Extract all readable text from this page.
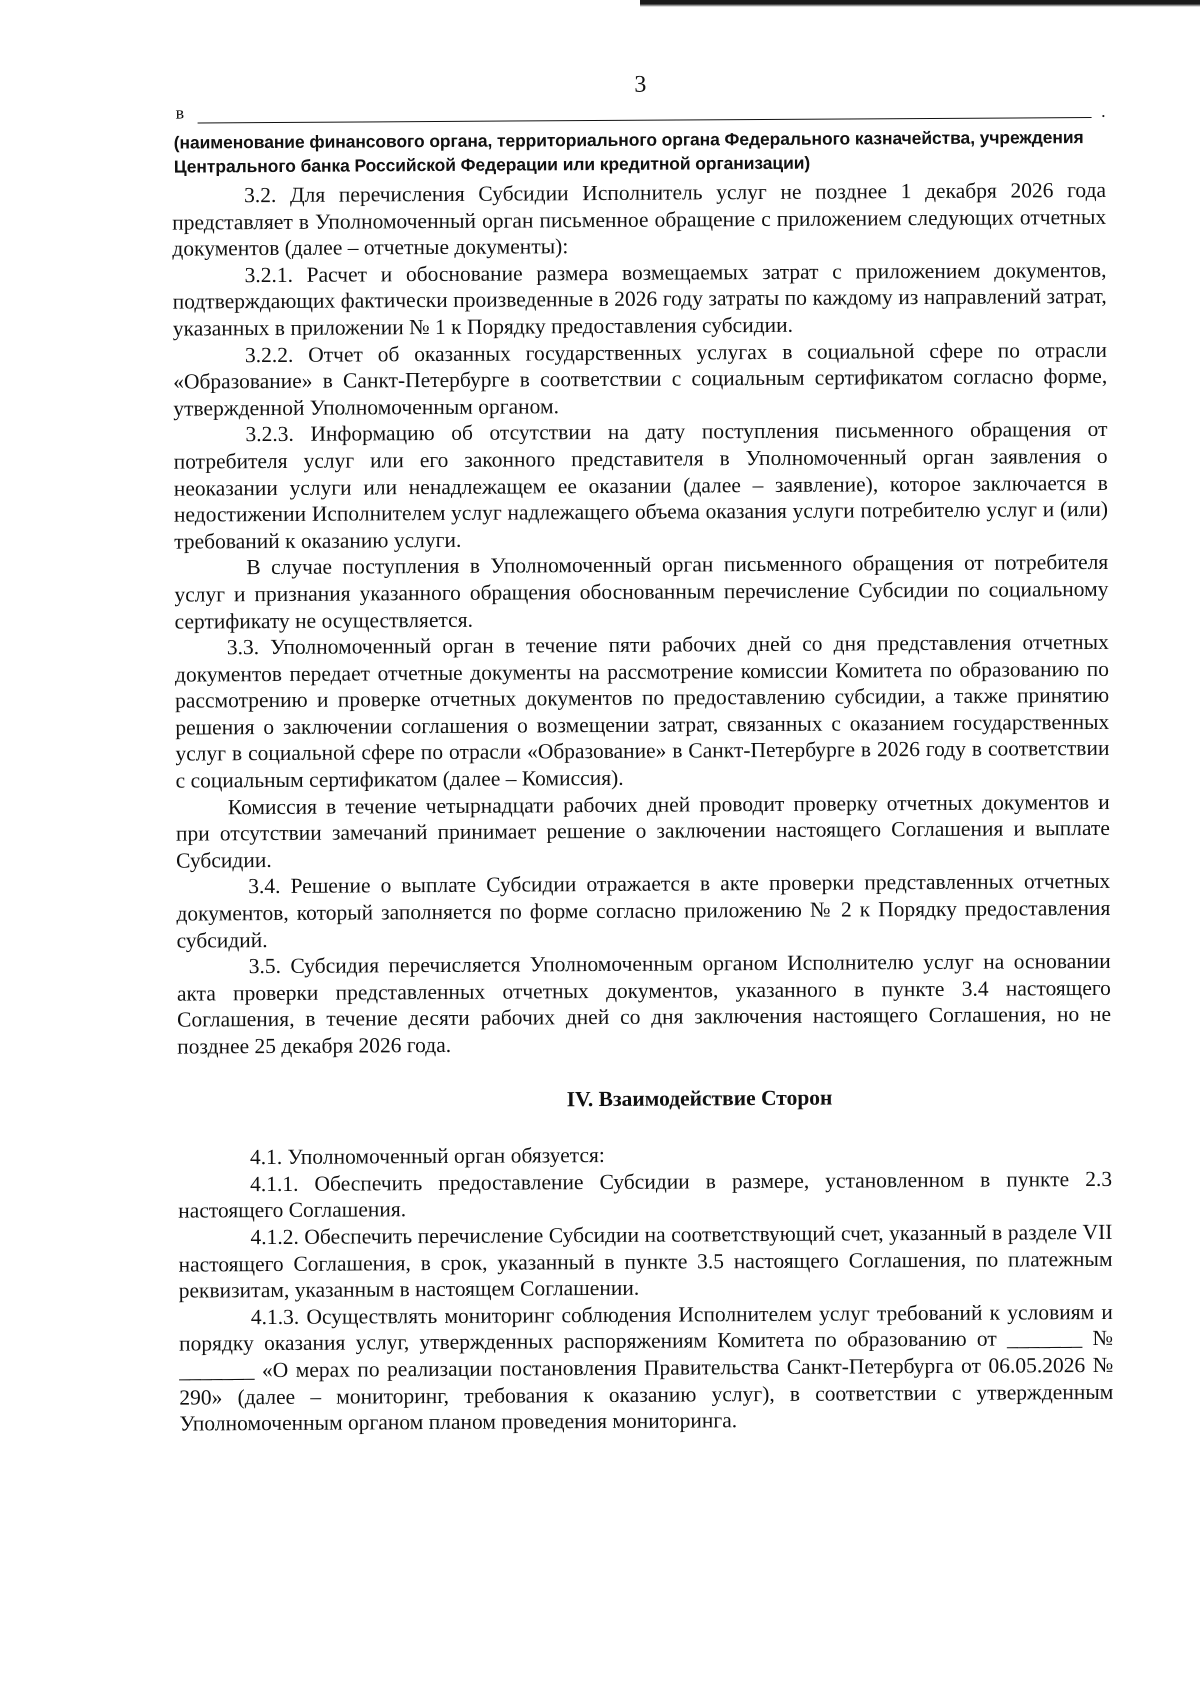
3
в	.
(наименование финансового органа, территориального органа Федерального казначейства, учреждения Центрального банка Российской Федерации или кредитной организации)

3.2. Для перечисления Субсидии Исполнитель услуг не позднее 1 декабря 2026 года представляет в Уполномоченный орган письменное обращение с приложением следующих отчетных документов (далее – отчетные документы):

3.2.1. Расчет и обоснование размера возмещаемых затрат с приложением документов, подтверждающих фактически произведенные в 2026 году затраты по каждому из направлений затрат, указанных в приложении № 1 к Порядку предоставления субсидии.

3.2.2. Отчет об оказанных государственных услугах в социальной сфере по отрасли «Образование» в Санкт-Петербурге в соответствии с социальным сертификатом согласно форме, утвержденной Уполномоченным органом.

3.2.3. Информацию об отсутствии на дату поступления письменного обращения от потребителя услуг или его законного представителя в Уполномоченный орган заявления о неоказании услуги или ненадлежащем ее оказании (далее – заявление), которое заключается в недостижении Исполнителем услуг надлежащего объема оказания услуги потребителю услуг и (или) требований к оказанию услуги.

В случае поступления в Уполномоченный орган письменного обращения от потребителя услуг и признания указанного обращения обоснованным перечисление Субсидии по социальному сертификату не осуществляется.

3.3. Уполномоченный орган в течение пяти рабочих дней со дня представления отчетных документов передает отчетные документы на рассмотрение комиссии Комитета по образованию по рассмотрению и проверке отчетных документов по предоставлению субсидии, а также принятию решения о заключении соглашения о возмещении затрат, связанных с оказанием государственных услуг в социальной сфере по отрасли «Образование» в Санкт-Петербурге в 2026 году в соответствии с социальным сертификатом (далее – Комиссия).

Комиссия в течение четырнадцати рабочих дней проводит проверку отчетных документов и при отсутствии замечаний принимает решение о заключении настоящего Соглашения и выплате Субсидии.

3.4. Решение о выплате Субсидии отражается в акте проверки представленных отчетных документов, который заполняется по форме согласно приложению № 2 к Порядку предоставления субсидий.

3.5. Субсидия перечисляется Уполномоченным органом Исполнителю услуг на основании акта проверки представленных отчетных документов, указанного в пункте 3.4 настоящего Соглашения, в течение десяти рабочих дней со дня заключения настоящего Соглашения, но не позднее 25 декабря 2026 года.

IV. Взаимодействие Сторон

4.1. Уполномоченный орган обязуется:

4.1.1. Обеспечить предоставление Субсидии в размере, установленном в пункте 2.3 настоящего Соглашения.

4.1.2. Обеспечить перечисление Субсидии на соответствующий счет, указанный в разделе VII настоящего Соглашения, в срок, указанный в пункте 3.5 настоящего Соглашения, по платежным реквизитам, указанным в настоящем Соглашении.

4.1.3. Осуществлять мониторинг соблюдения Исполнителем услуг требований к условиям и порядку оказания услуг, утвержденных распоряжениям Комитета по образованию от _______ № _______ «О мерах по реализации постановления Правительства Санкт-Петербурга от 06.05.2026 № 290» (далее – мониторинг, требования к оказанию услуг), в соответствии с утвержденным Уполномоченным органом планом проведения мониторинга.
